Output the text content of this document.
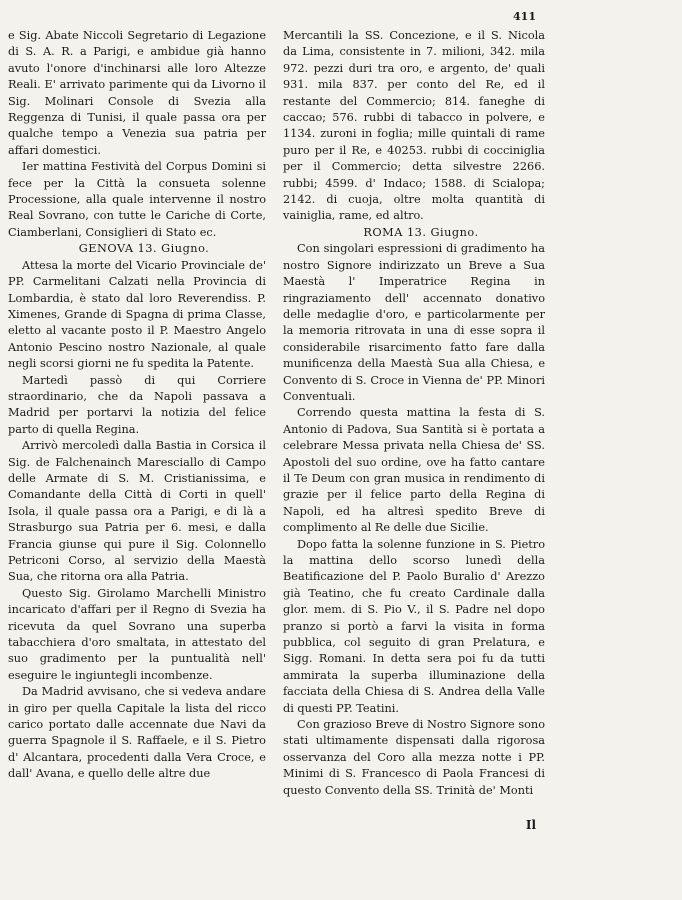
411

e Sig. Abate Niccoli Segretario di Legazione di S. A. R. a Parigi, e ambidue già hanno avuto l'onore d'inchinarsi alle loro Altezze Reali. E' arrivato parimente qui da Livorno il Sig. Molinari Console di Svezia alla Reggenza di Tunisi, il quale passa ora per qualche tempo a Venezia sua patria per affari domestici.

Ier mattina Festività del Corpus Domini si fece per la Città la consueta solenne Processione, alla quale intervenne il nostro Real Sovrano, con tutte le Cariche di Corte, Ciamberlani, Consiglieri di Stato ec.

GENOVA 13. Giugno.

Attesa la morte del Vicario Provinciale de' PP. Carmelitani Calzati nella Provincia di Lombardia, è stato dal loro Reverendiss. P. Ximenes, Grande di Spagna di prima Classe, eletto al vacante posto il P. Maestro Angelo Antonio Pescino nostro Nazionale, al quale negli scorsi giorni ne fu spedita la Patente.

Martedì passò di qui Corriere straordinario, che da Napoli passava a Madrid per portarvi la notizia del felice parto di quella Regina.

Arrivò mercoledì dalla Bastia in Corsica il Sig. de Falchenainch Maresciallo di Campo delle Armate di S. M. Cristianissima, e Comandante della Città di Corti in quell' Isola, il quale passa ora a Parigi, e di là a Strasburgo sua Patria per 6. mesi, e dalla Francia giunse qui pure il Sig. Colonnello Petriconi Corso, al servizio della Maestà Sua, che ritorna ora alla Patria.

Questo Sig. Girolamo Marchelli Ministro incaricato d'affari per il Regno di Svezia ha ricevuta da quel Sovrano una superba tabacchiera d'oro smaltata, in attestato del suo gradimento per la puntualità nell' eseguire le ingiuntegli incombenze.

Da Madrid avvisano, che si vedeva andare in giro per quella Capitale la lista del ricco carico portato dalle accennate due Navi da guerra Spagnole il S. Raffaele, e il S. Pietro d' Alcantara, procedenti dalla Vera Croce, e dall' Avana, e quello delle altre due

Mercantili la SS. Concezione, e il S. Nicola da Lima, consistente in 7. milioni, 342. mila 972. pezzi duri tra oro, e argento, de' quali 931. mila 837. per conto del Re, ed il restante del Commercio; 814. faneghe di caccao; 576. rubbi di tabacco in polvere, e 1134. zuroni in foglia; mille quintali di rame puro per il Re, e 40253. rubbi di cocciniglia per il Commercio; detta silvestre 2266. rubbi; 4599. d' Indaco; 1588. di Scialopa; 2142. di cuoja, oltre molta quantità di vainiglia, rame, ed altro.

ROMA 13. Giugno.

Con singolari espressioni di gradimento ha nostro Signore indirizzato un Breve a Sua Maestà l' Imperatrice Regina in ringraziamento dell' accennato donativo delle medaglie d'oro, e particolarmente per la memoria ritrovata in una di esse sopra il considerabile risarcimento fatto fare dalla munificenza della Maestà Sua alla Chiesa, e Convento di S. Croce in Vienna de' PP. Minori Conventuali.

Correndo questa mattina la festa di S. Antonio di Padova, Sua Santità si è portata a celebrare Messa privata nella Chiesa de' SS. Apostoli del suo ordine, ove ha fatto cantare il Te Deum con gran musica in rendimento di grazie per il felice parto della Regina di Napoli, ed ha altresì spedito Breve di complimento al Re delle due Sicilie.

Dopo fatta la solenne funzione in S. Pietro la mattina dello scorso lunedì della Beatificazione del P. Paolo Buralio d' Arezzo già Teatino, che fu creato Cardinale dalla glor. mem. di S. Pio V., il S. Padre nel dopo pranzo si portò a farvi la visita in forma pubblica, col seguito di gran Prelatura, e Sigg. Romani. In detta sera poi fu da tutti ammirata la superba illuminazione della facciata della Chiesa di S. Andrea della Valle di questi PP. Teatini.

Con grazioso Breve di Nostro Signore sono stati ultimamente dispensati dalla rigorosa osservanza del Coro alla mezza notte i PP. Minimi di S. Francesco di Paola Francesi di questo Convento della SS. Trinità de' Monti

Il
